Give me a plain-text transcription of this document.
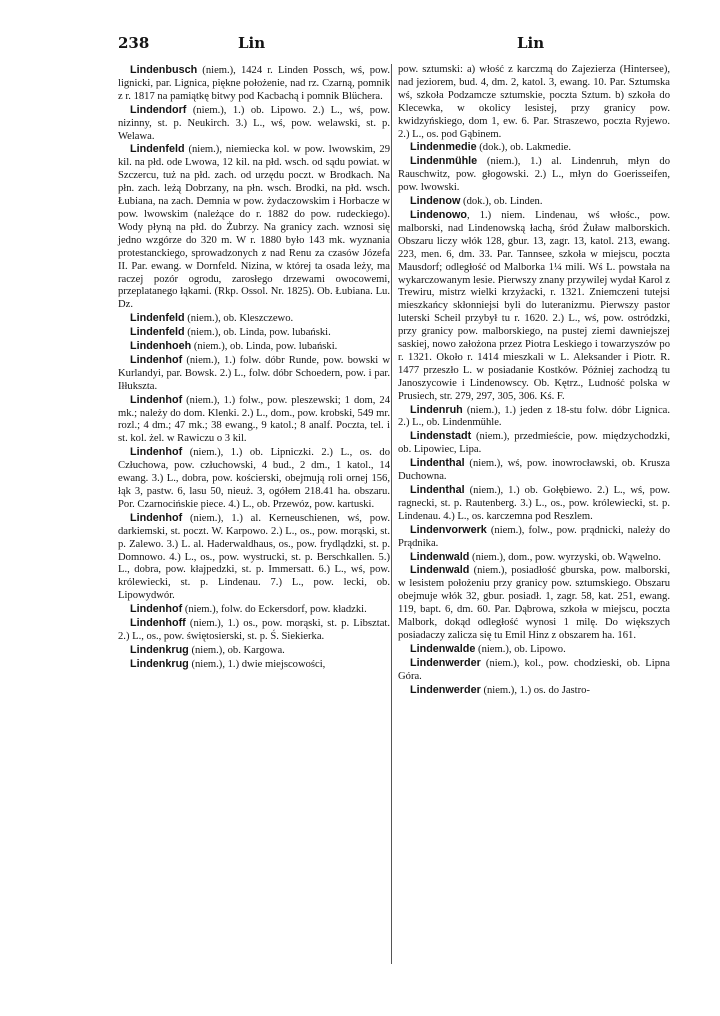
238	Lin	Lin

Lindenbusch (niem.), 1424 r. Linden Possch, wś, pow. lignicki, par. Lignica, piękne położenie, nad rz. Czarną, pomnik z r. 1817 na pamiątkę bitwy pod Kacbachą i pomnik Blüchera.

Lindendorf (niem.), 1.) ob. Lipowo. 2.) L., wś, pow. nizinny, st. p. Neukirch. 3.) L., wś, pow. welawski, st. p. Welawa.

Lindenfeld (niem.), niemiecka kol. w pow. lwowskim, 29 kil. na płd. ode Lwowa, 12 kil. na płd. wsch. od sądu powiat. w Szczercu, tuż na płd. zach. od urzędu poczt. w Brodkach. Na płn. zach. leżą Dobrzany, na płn. wsch. Brodki, na płd. wsch. Łubiana, na zach. Demnia w pow. żydaczowskim i Horbacze w pow. lwowskim (należące do r. 1882 do pow. rudeckiego). Wody płyną na płd. do Żubrzy. Na granicy zach. wznosi się jedno wzgórze do 320 m. W r. 1880 było 143 mk. wyznania protestanckiego, sprowadzonych z nad Renu za czasów Józefa II. Par. ewang. w Dornfeld. Nizina, w której ta osada leży, ma raczej pozór ogrodu, zarosłego drzewami owocowemi, przeplatanego łąkami. (Rkp. Ossol. Nr. 1825). Ob. Łubiana. Lu. Dz.

Lindenfeld (niem.), ob. Kleszczewo.

Lindenfeld (niem.), ob. Linda, pow. lubański.

Lindenhoeh (niem.), ob. Linda, pow. lubański.

Lindenhof (niem.), 1.) folw. dóbr Runde, pow. bowski w Kurlandyi, par. Bowsk. 2.) L., folw. dóbr Schoedern, pow. i par. Iłłukszta.

Lindenhof (niem.), 1.) folw., pow. pleszewski; 1 dom, 24 mk.; należy do dom. Klenki. 2.) L., dom., pow. krobski, 549 mr. rozl.; 4 dm.; 47 mk.; 38 ewang., 9 katol.; 8 analf. Poczta, tel. i st. kol. żel. w Rawiczu o 3 kil.

Lindenhof (niem.), 1.) ob. Lipniczki. 2.) L., os. do Człuchowa, pow. człuchowski, 4 bud., 2 dm., 1 katol., 14 ewang. 3.) L., dobra, pow. kościerski, obejmują roli ornej 156, łąk 3, pastw. 6, lasu 50, nieuż. 3, ogółem 218.41 ha. obszaru. Por. Czarnocińskie piece. 4.) L., ob. Przewóz, pow. kartuski.

Lindenhof (niem.), 1.) al. Kerneuschienen, wś, pow. darkiemski, st. poczt. W. Karpowo. 2.) L., os., pow. morąski, st. p. Zalewo. 3.) L. al. Haderwaldhaus, os., pow. frydlądzki, st. p. Domnowo. 4.) L., os., pow. wystrucki, st. p. Berschkallen. 5.) L., dobra, pow. kłajpedzki, st. p. Immersatt. 6.) L., wś, pow. królewiecki, st. p. Lindenau. 7.) L., pow. lecki, ob. Lipowydwór.

Lindenhof (niem.), folw. do Eckersdorf, pow. kładzki.

Lindenhoff (niem.), 1.) os., pow. morąski, st. p. Libsztat. 2.) L., os., pow. świętosierski, st. p. Ś. Siekierka.

Lindenkrug (niem.), ob. Kargowa.

Lindenkrug (niem.), 1.) dwie miejscowości,

pow. sztumski: a) włość z karczmą do Zajezierza (Hintersee), nad jeziorem, bud. 4, dm. 2, katol. 3, ewang. 10. Par. Sztumska wś, szkoła Podzamcze sztumskie, poczta Sztum. b) szkoła do Klecewka, w okolicy lesistej, przy granicy pow. kwidzyńskiego, dom 1, ew. 6. Par. Straszewo, poczta Ryjewo. 2.) L., os. pod Gąbinem.

Lindenmedie (dok.), ob. Lakmedie.

Lindenmühle (niem.), 1.) al. Lindenruh, młyn do Rauschwitz, pow. głogowski. 2.) L., młyn do Goerisseifen, pow. lwowski.

Lindenow (dok.), ob. Linden.

Lindenowo, 1.) niem. Lindenau, wś włośc., pow. malborski, nad Lindenowską łachą, śród Żuław malborskich. Obszaru liczy włók 128, gbur. 13, zagr. 13, katol. 213, ewang. 223, men. 6, dm. 33. Par. Tannsee, szkoła w miejscu, poczta Mausdorf; odległość od Malborka 1¼ mili. Wś L. powstała na wykarczowanym lesie. Pierwszy znany przywilej wydał Karol z Trewiru, mistrz wielki krzyżacki, r. 1321. Zniemczeni tutejsi mieszkańcy skłonniejsi byli do luteranizmu. Pierwszy pastor luterski Scheil przybył tu r. 1620. 2.) L., wś, pow. ostródzki, przy granicy pow. malborskiego, na pustej ziemi dawniejszej saskiej, nowo założona przez Piotra Leskiego i towarzyszów po r. 1321. Około r. 1414 mieszkali w L. Aleksander i Piotr. R. 1477 przeszło L. w posiadanie Kostków. Później zachodzą tu Janoszycowie i Lindenowscy. Ob. Kętrz., Ludność polska w Prusiech, str. 279, 297, 305, 306. Kś. F.

Lindenruh (niem.), 1.) jeden z 18-stu folw. dóbr Lignica. 2.) L., ob. Lindenmühle.

Lindenstadt (niem.), przedmieście, pow. międzychodzki, ob. Lipowiec, Lipa.

Lindenthal (niem.), wś, pow. inowrocławski, ob. Kruszа Duchowna.

Lindenthal (niem.), 1.) ob. Gołębiewo. 2.) L., wś, pow. ragnecki, st. p. Rautenberg. 3.) L., os., pow. królewiecki, st. p. Lindenau. 4.) L., os. karczemna pod Reszlem.

Lindenvorwerk (niem.), folw., pow. prądnicki, należy do Prądnika.

Lindenwald (niem.), dom., pow. wyrzyski, ob. Wąwelno.

Lindenwald (niem.), posiadłość gburska, pow. malborski, w lesistem położeniu przy granicy pow. sztumskiego. Obszaru obejmuje włók 32, gbur. posiadł. 1, zagr. 58, kat. 251, ewang. 119, bapt. 6, dm. 60. Par. Dąbrowa, szkoła w miejscu, poczta Malbork, dokąd odległość wynosi 1 milę. Do większych posiadaczy zalicza się tu Emil Hinz z obszarem ha. 161.

Lindenwalde (niem.), ob. Lipowo.

Lindenwerder (niem.), kol., pow. chodzieski, ob. Lipna Góra.

Lindenwerder (niem.), 1.) os. do Jastro-
